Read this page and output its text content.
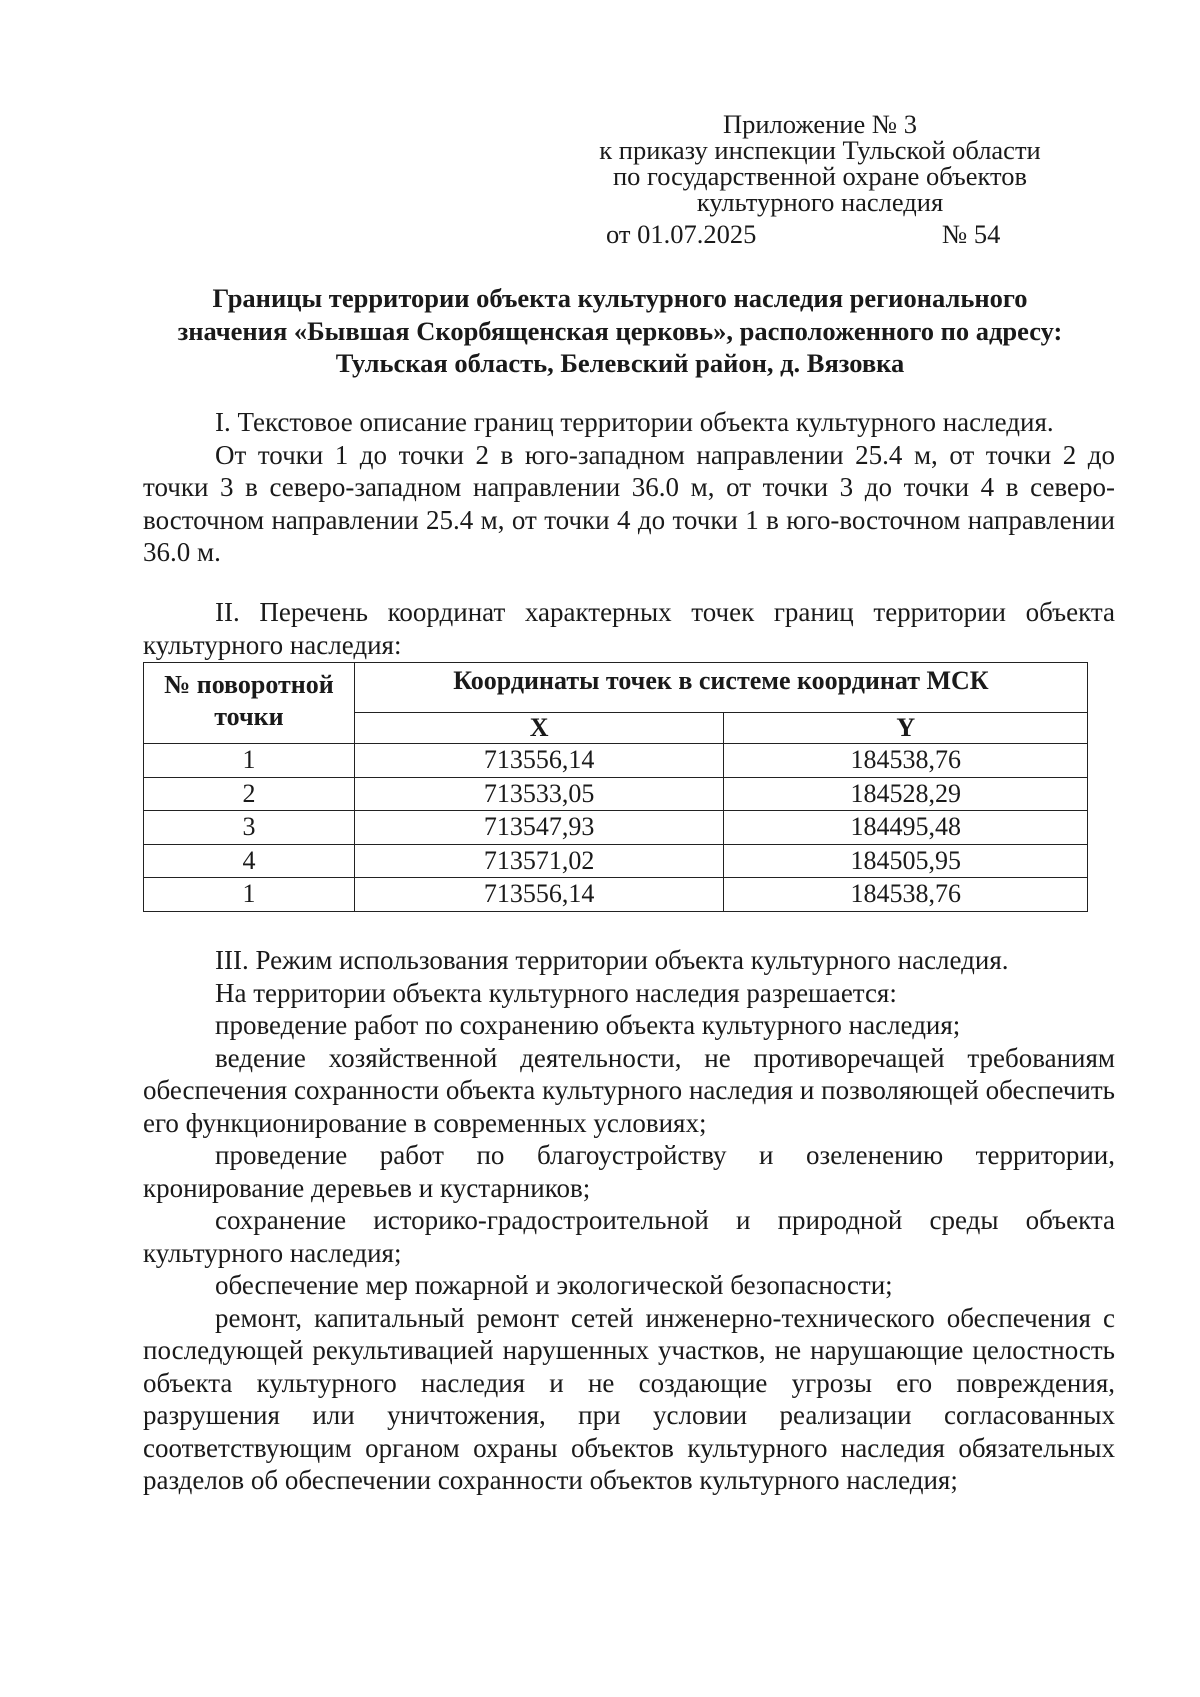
Приложение № 3
к приказу инспекции Тульской области
по государственной охране объектов
культурного наследия
от 01.07.2025	№ 54
Границы территории объекта культурного наследия регионального
значения «Бывшая Скорбященская церковь», расположенного по адресу:
Тульская область, Белевский район, д. Вязовка

I. Текстовое описание границ территории объекта культурного наследия.

От точки 1 до точки 2 в юго-западном направлении 25.4 м, от точки 2 до точки 3 в северо-западном направлении 36.0 м, от точки 3 до точки 4 в северо-восточном направлении 25.4 м, от точки 4 до точки 1 в юго-восточном направлении 36.0 м.

II. Перечень координат характерных точек границ территории объекта культурного наследия:

№ поворотной точки	Координаты точек в системе координат МСК	
	X	Y
1	713556,14	184538,76
2	713533,05	184528,29
3	713547,93	184495,48
4	713571,02	184505,95
1	713556,14	184538,76

III. Режим использования территории объекта культурного наследия.

На территории объекта культурного наследия разрешается:

проведение работ по сохранению объекта культурного наследия;

ведение хозяйственной деятельности, не противоречащей требованиям обеспечения сохранности объекта культурного наследия и позволяющей обеспечить его функционирование в современных условиях;

проведение работ по благоустройству и озеленению территории, кронирование деревьев и кустарников;

сохранение историко-градостроительной и природной среды объекта культурного наследия;

обеспечение мер пожарной и экологической безопасности;

ремонт, капитальный ремонт сетей инженерно-технического обеспечения с последующей рекультивацией нарушенных участков, не нарушающие целостность объекта культурного наследия и не создающие угрозы его повреждения, разрушения или уничтожения, при условии реализации согласованных соответствующим органом охраны объектов культурного наследия обязательных разделов об обеспечении сохранности объектов культурного наследия;
